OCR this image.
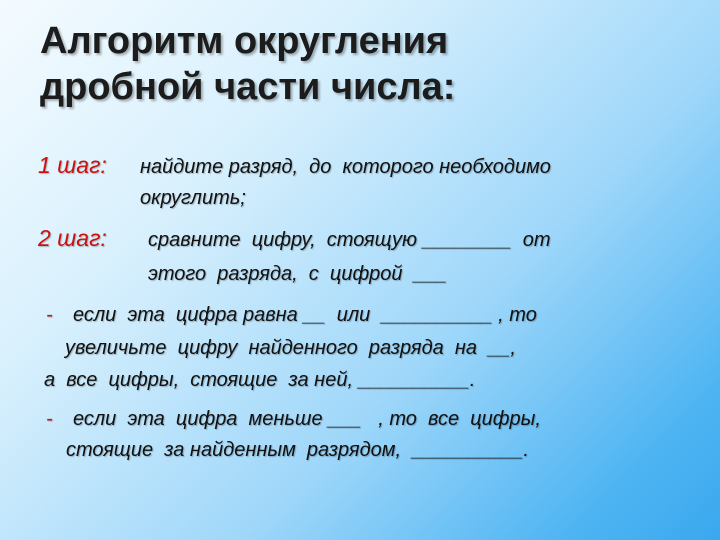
Алгоритм округления
дробной части числа:
1 шаг: найдите разряд,  до  которого необходимо
округлить;
2 шаг: сравните  цифру,  стоящую ________  от
этого  разряда,  с  цифрой  ___
- если  эта  цифра равна __  или  __________ , то
увеличьте  цифру  найденного  разряда  на  __,
а  все  цифры,  стоящие  за ней, __________.
- если  эта  цифра  меньше ___   , то  все  цифры,
стоящие  за найденным  разрядом,  __________.
